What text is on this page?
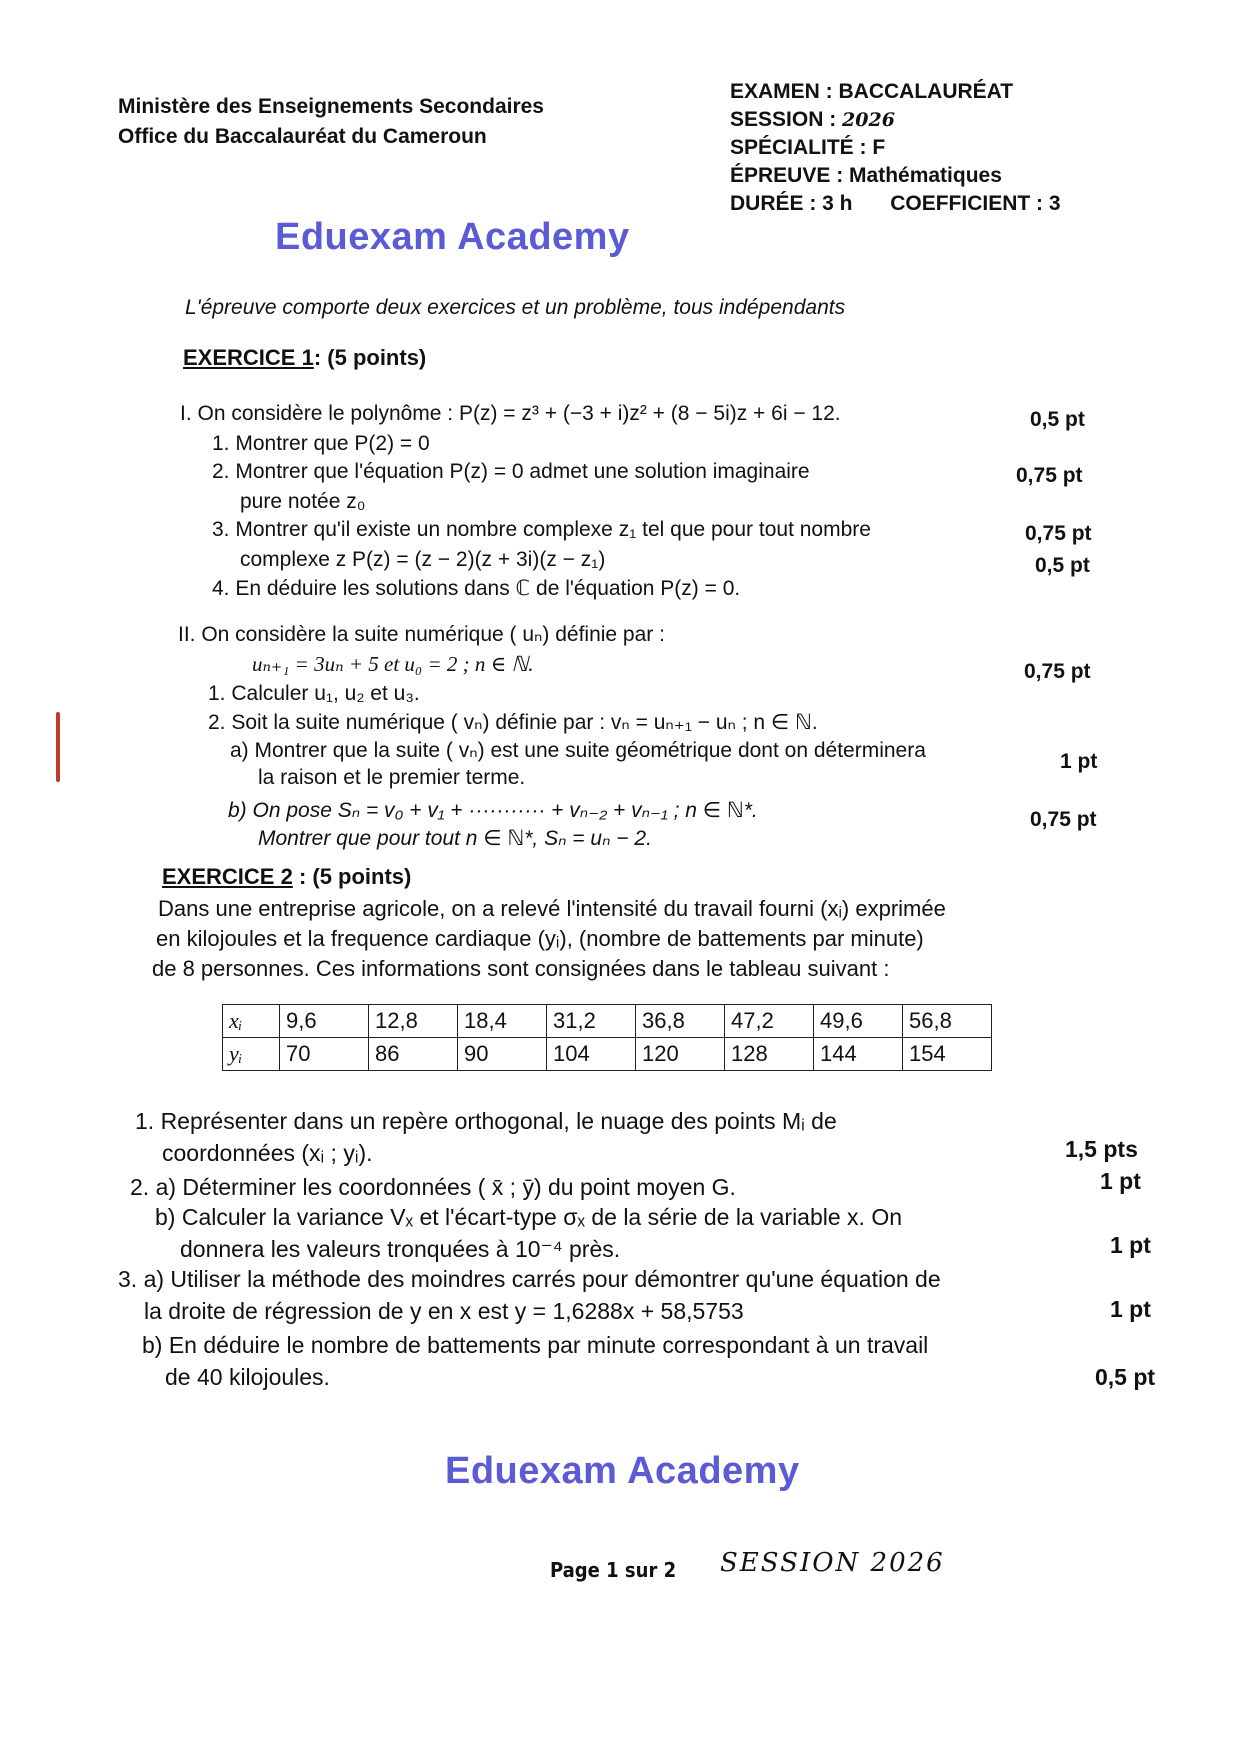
Ministère des Enseignements Secondaires
Office du Baccalauréat du Cameroun
EXAMEN : BACCALAURÉAT
SESSION : 2026
SPÉCIALITÉ : F
ÉPREUVE : Mathématiques
DURÉE : 3 h COEFFICIENT : 3
Eduexam Academy
L'épreuve comporte deux exercices et un problème, tous indépendants
EXERCICE 1: (5 points)
I. On considère le polynôme : P(z) = z³ + (−3 + i)z² + (8 − 5i)z + 6i − 12.
1. Montrer que P(2) = 0
0,5 pt
2. Montrer que l'équation P(z) = 0 admet une solution imaginaire
pure notée z₀
0,75 pt
3. Montrer qu'il existe un nombre complexe z₁ tel que pour tout nombre
complexe z P(z) = (z − 2)(z + 3i)(z − z₁)
0,75 pt
4. En déduire les solutions dans ℂ de l'équation P(z) = 0.
0,5 pt
II. On considère la suite numérique ( uₙ) définie par :
uₙ₊₁ = 3uₙ + 5 et u₀ = 2 ; n ∈ ℕ.
1. Calculer u₁, u₂ et u₃.
0,75 pt
2. Soit la suite numérique ( vₙ) définie par : vₙ = uₙ₊₁ − uₙ ; n ∈ ℕ.
a) Montrer que la suite ( vₙ) est une suite géométrique dont on déterminera
la raison et le premier terme.
1 pt
b) On pose Sₙ = v₀ + v₁ + ··········· + vₙ₋₂ + vₙ₋₁ ; n ∈ ℕ*.
Montrer que pour tout n ∈ ℕ*, Sₙ = uₙ − 2.
0,75 pt
EXERCICE 2 : (5 points)
Dans une entreprise agricole, on a relevé l'intensité du travail fourni (xᵢ) exprimée
en kilojoules et la frequence cardiaque (yᵢ), (nombre de battements par minute)
de 8 personnes. Ces informations sont consignées dans le tableau suivant :
xᵢ	9,6	12,8	18,4	31,2	36,8	47,2	49,6	56,8
yᵢ	70	86	90	104	120	128	144	154
1. Représenter dans un repère orthogonal, le nuage des points Mᵢ de
coordonnées (xᵢ ; yᵢ).	1,5 pts
2. a) Déterminer les coordonnées ( x̄ ; ȳ) du point moyen G.	1 pt
b) Calculer la variance Vₓ et l'écart-type σₓ de la série de la variable x. On
donnera les valeurs tronquées à 10⁻⁴ près.	1 pt
3. a) Utiliser la méthode des moindres carrés pour démontrer qu'une équation de
la droite de régression de y en x est y = 1,6288x + 58,5753	1 pt
b) En déduire le nombre de battements par minute correspondant à un travail
de 40 kilojoules.	0,5 pt
Eduexam Academy
Page 1 sur 2 SESSION 2026
